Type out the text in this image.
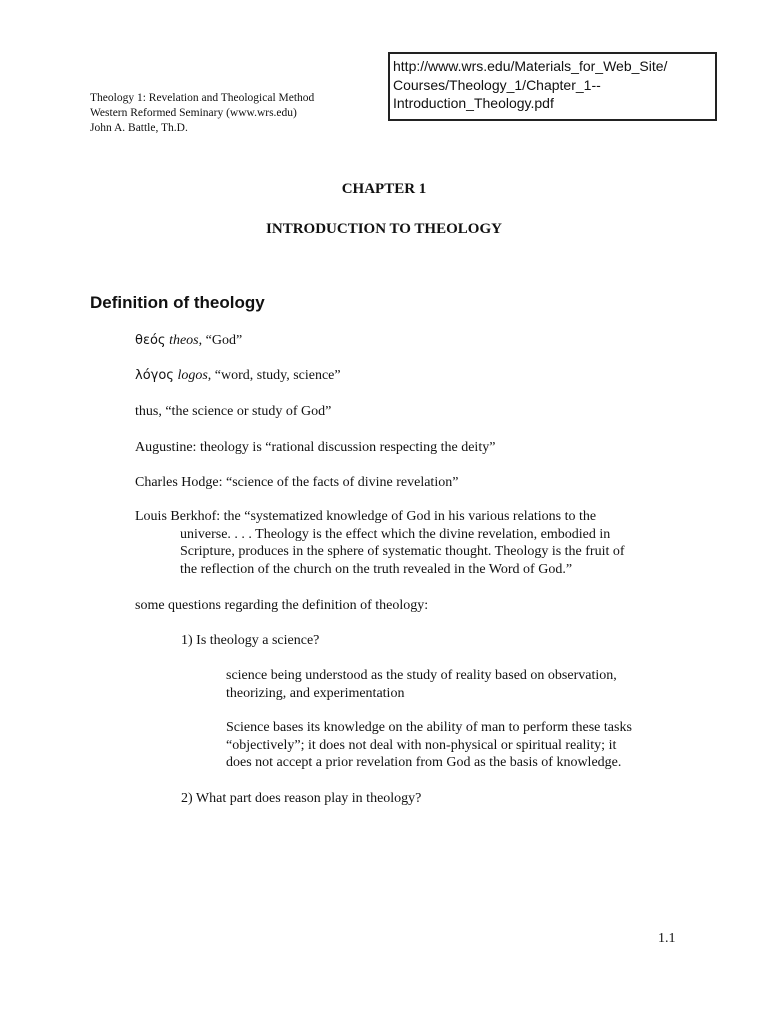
http://www.wrs.edu/Materials_for_Web_Site/
Courses/Theology_1/Chapter_1--
Introduction_Theology.pdf
Theology 1: Revelation and Theological Method
Western Reformed Seminary (www.wrs.edu)
John A. Battle, Th.D.
CHAPTER 1
INTRODUCTION TO THEOLOGY
Definition of theology
θεός theos, “God”
λόγος logos, “word, study, science”
thus, “the science or study of God”
Augustine: theology is “rational discussion respecting the deity”
Charles Hodge: “science of the facts of divine revelation”
Louis Berkhof: the “systematized knowledge of God in his various relations to the
universe. . . . Theology is the effect which the divine revelation, embodied in
Scripture, produces in the sphere of systematic thought. Theology is the fruit of
the reflection of the church on the truth revealed in the Word of God.”
some questions regarding the definition of theology:
1) Is theology a science?
science being understood as the study of reality based on observation,
theorizing, and experimentation
Science bases its knowledge on the ability of man to perform these tasks
“objectively”; it does not deal with non-physical or spiritual reality; it
does not accept a prior revelation from God as the basis of knowledge.
2) What part does reason play in theology?
1.1
